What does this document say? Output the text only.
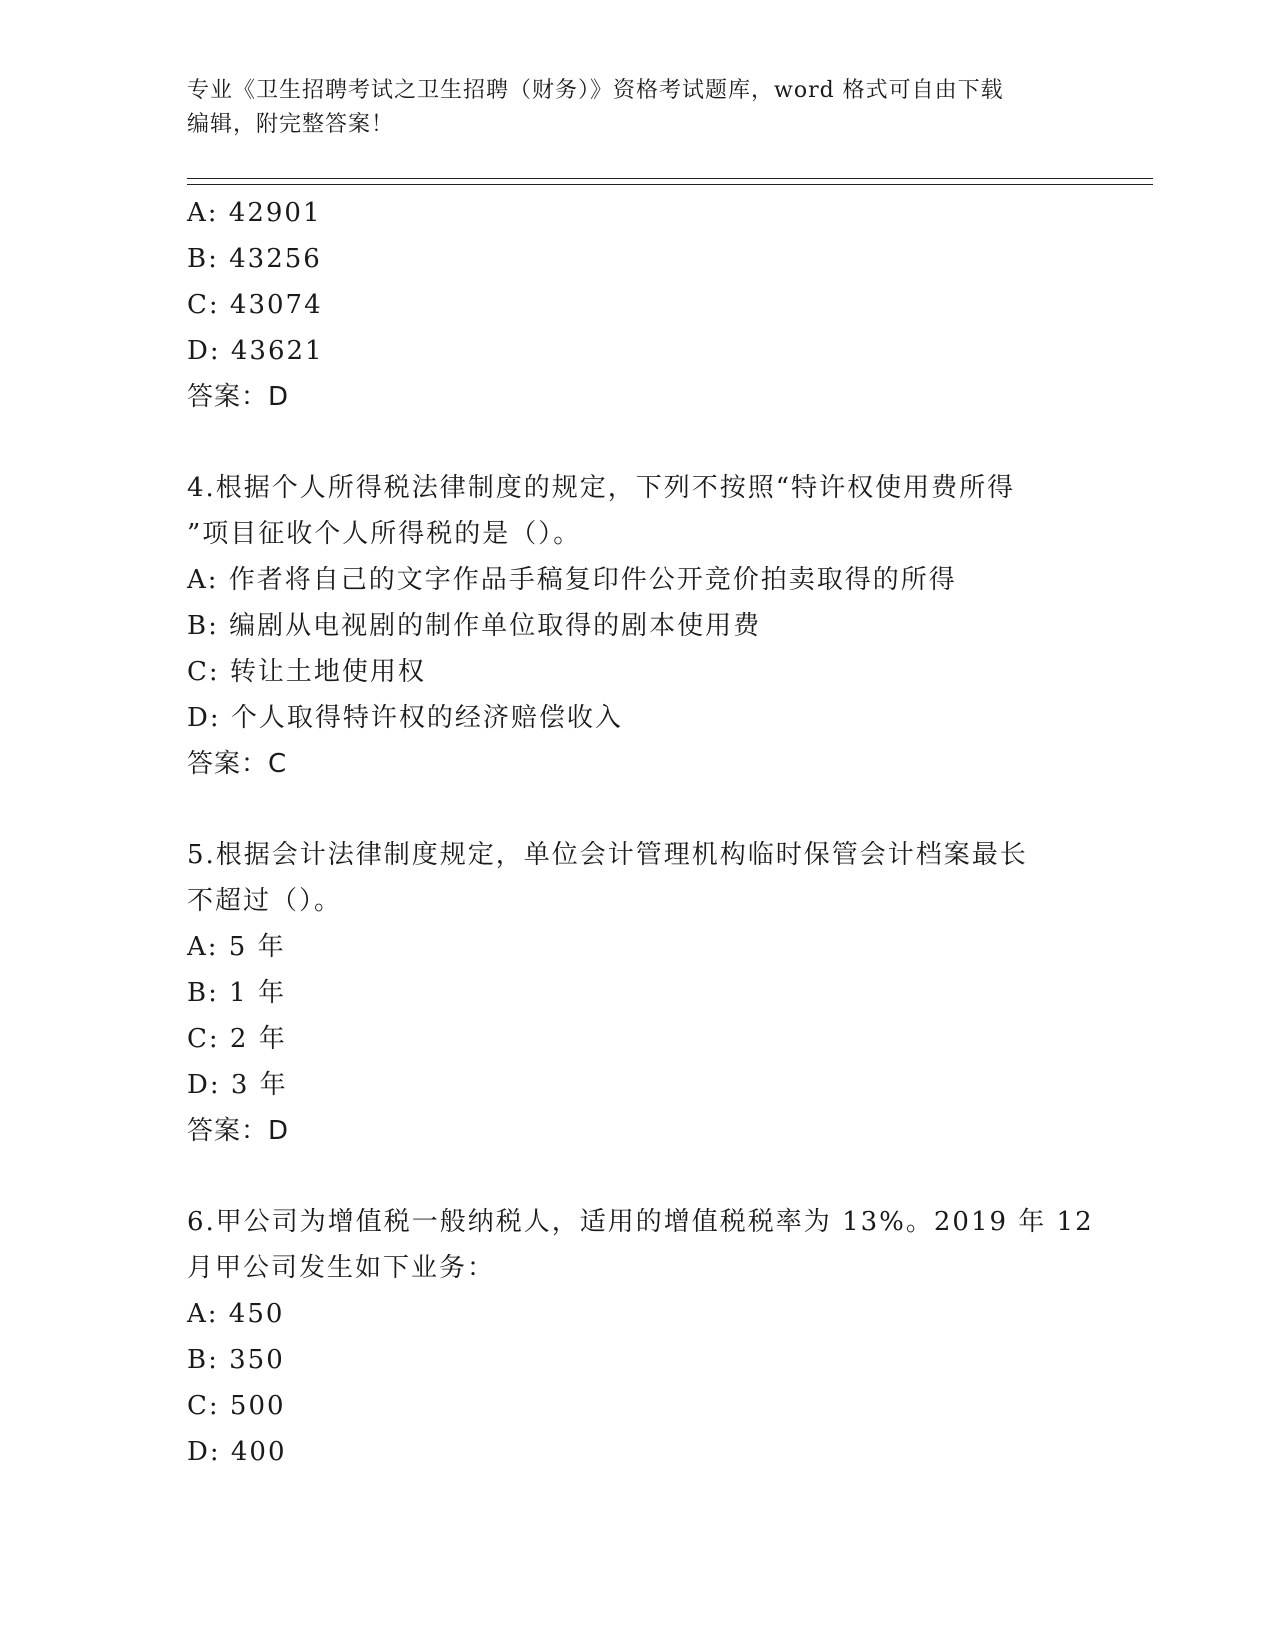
专业《卫生招聘考试之卫生招聘（财务）》资格考试题库，word 格式可自由下载
编辑，附完整答案！
A: 42901
B: 43256
C: 43074
D: 43621
答案：D
4.根据个人所得税法律制度的规定，下列不按照“特许权使用费所得
”项目征收个人所得税的是（）。
A: 作者将自己的文字作品手稿复印件公开竞价拍卖取得的所得
B: 编剧从电视剧的制作单位取得的剧本使用费
C: 转让土地使用权
D: 个人取得特许权的经济赔偿收入
答案：C
5.根据会计法律制度规定，单位会计管理机构临时保管会计档案最长
不超过（）。
A: 5 年
B: 1 年
C: 2 年
D: 3 年
答案：D
6.甲公司为增值税一般纳税人，适用的增值税税率为 13%。2019 年 12
月甲公司发生如下业务：
A: 450
B: 350
C: 500
D: 400
